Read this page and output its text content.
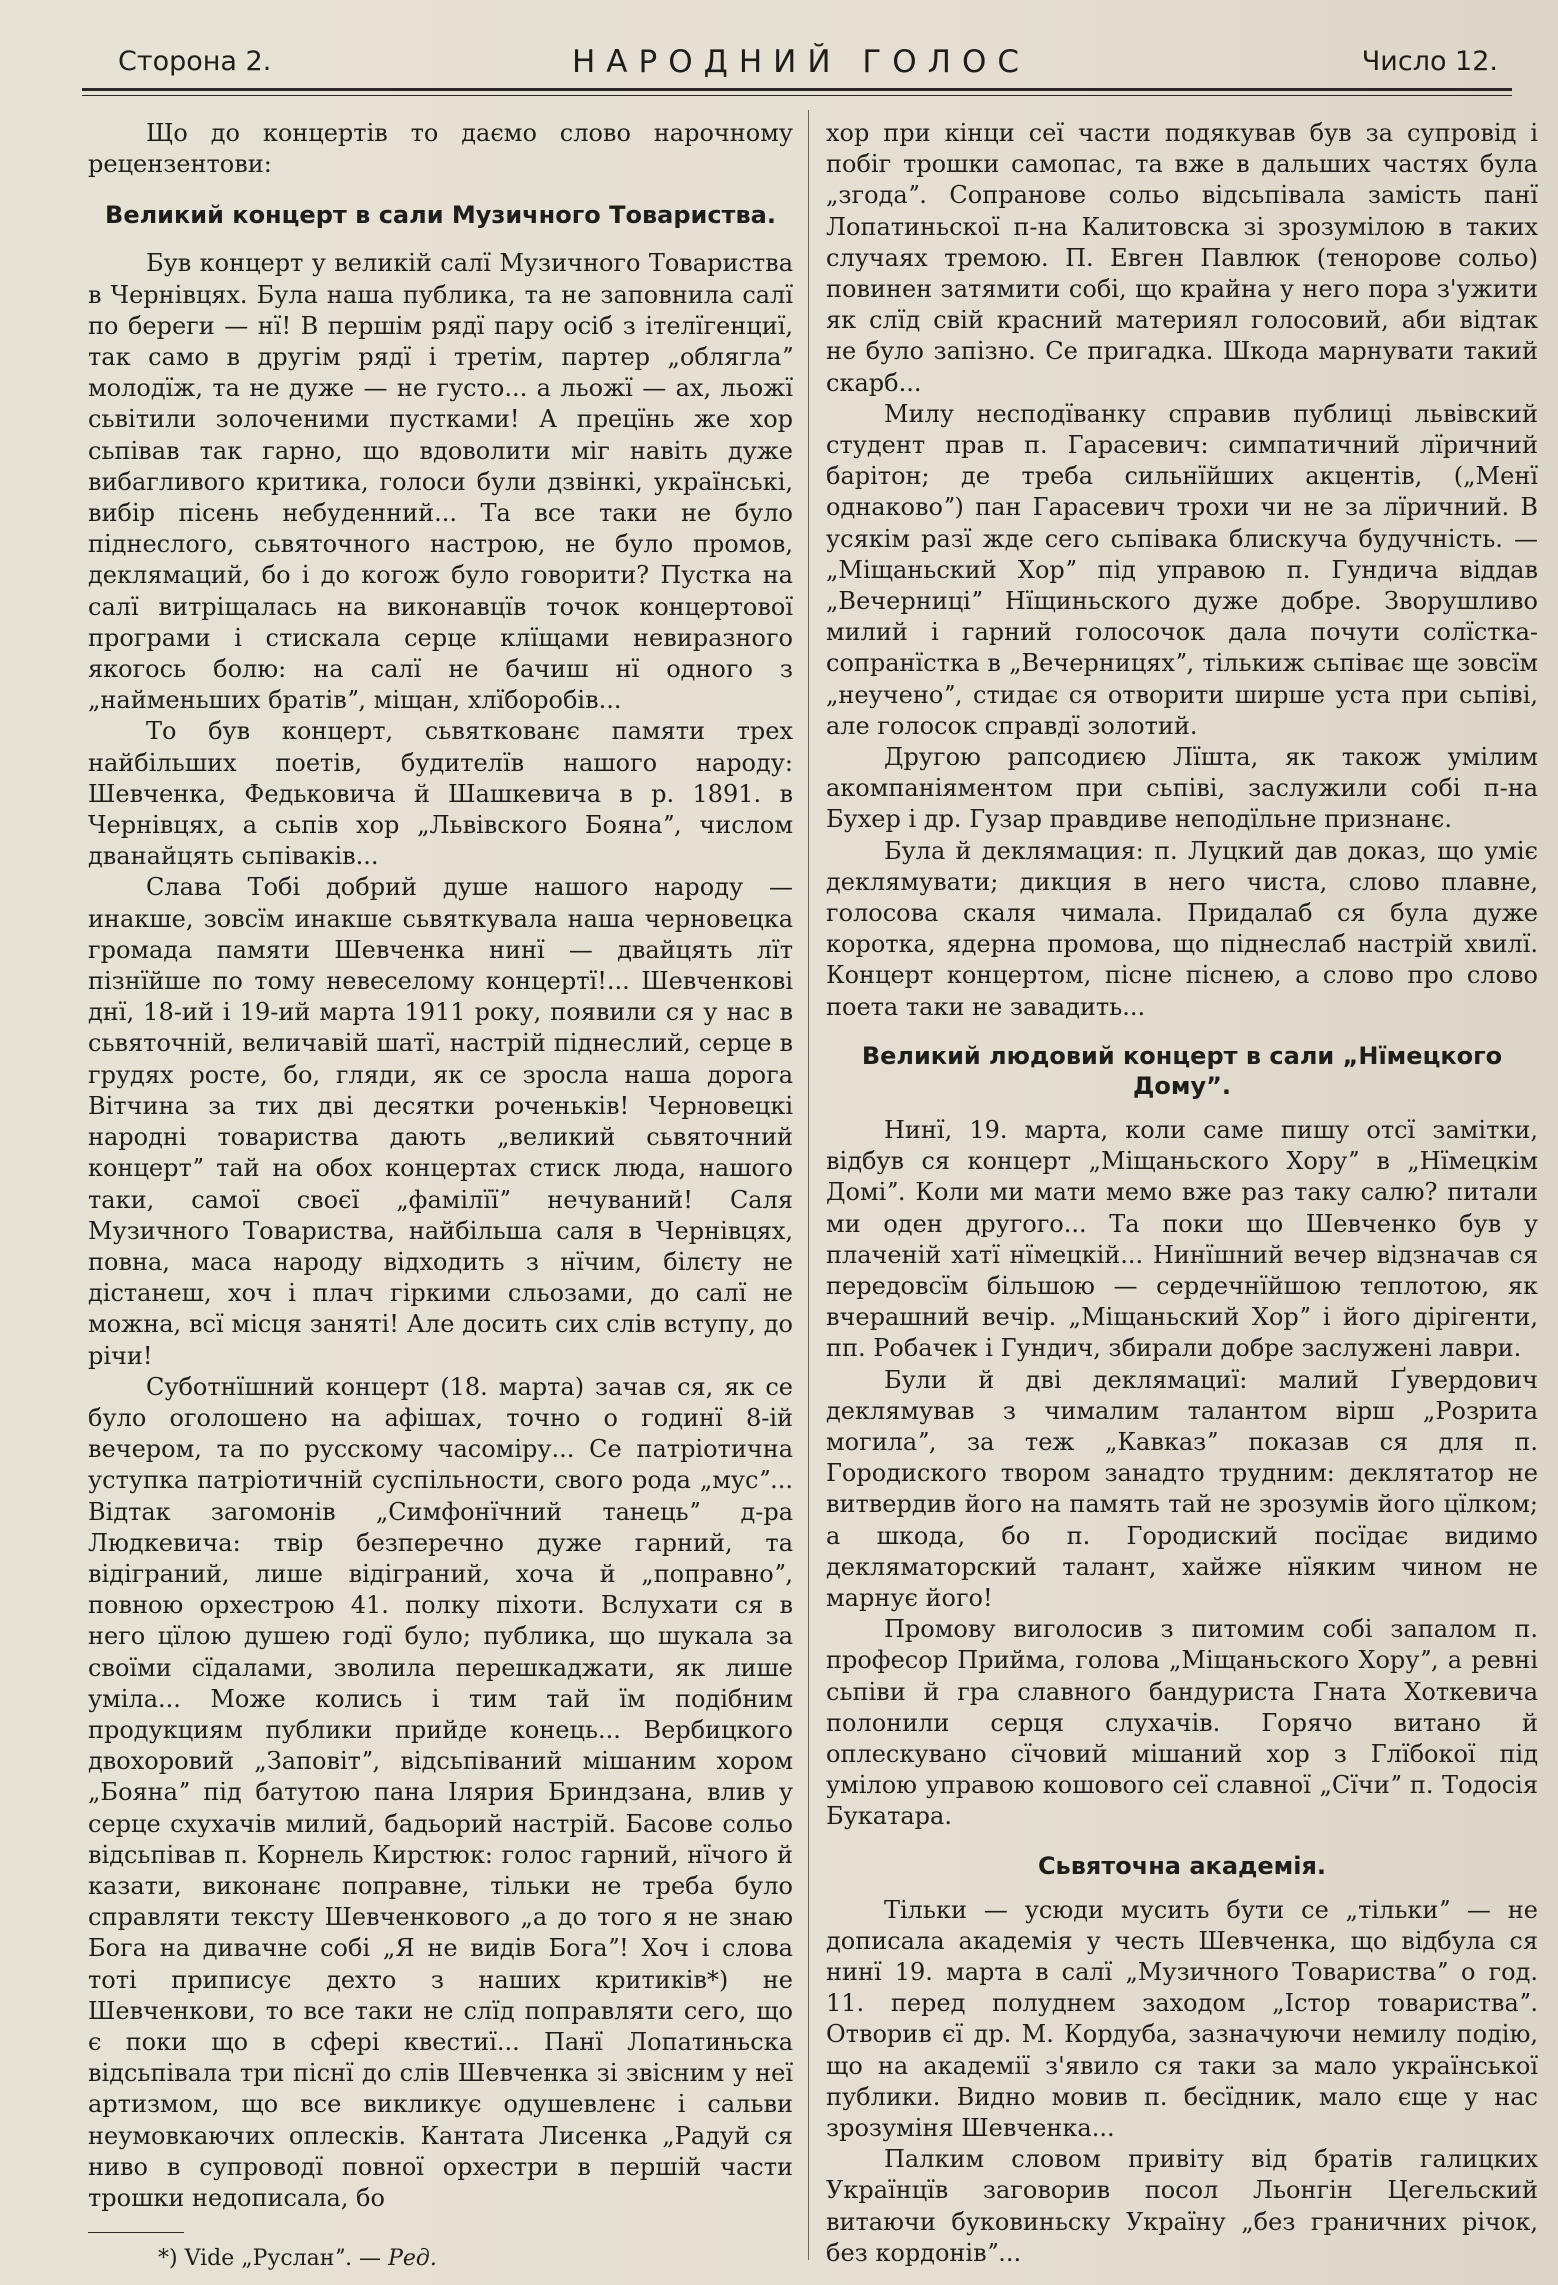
Сторона 2.	НАРОДНИЙ ГОЛОС	Число 12.

Що до концертів то даємо слово нарочному рецензентови:

Великий концерт в сали Музичного Товариства.

Був концерт у великій салї Музичного Товариства в Чернівцях. Була наша публика, та не заповнила салї по береги — нї! В першім рядї пару осіб з ітелїгенциї, так само в другім рядї і третім, партер „обляглаˮ молодїж, та не дуже — не густо... а льожї — ах, льожї сьвітили золоченими пустками! А прецїнь же хор сьпівав так гарно, що вдоволити міг навіть дуже вибагливого критика, голоси були дзвінкі, українські, вибір пісень небуденний... Та все таки не було піднеслого, сьвяточного настрою, не було промов, деклямаций, бо і до когож було говорити? Пустка на салї витріщалась на виконавцїв точок концертової програми і стискала серце клїщами невиразного якогось болю: на салї не бачиш нї одного з „найменьших братівˮ, міщан, хлїборобів...

То був концерт, сьвяткованє памяти трех найбільших поетів, будителїв нашого народу: Шевченка, Федьковича й Шашкевича в р. 1891. в Чернівцях, а сьпів хор „Львівского Боянаˮ, числом дванайцять сьпіваків...

Слава Тобі добрий душе нашого народу — инакше, зовсїм инакше сьвяткувала наша черновецка громада памяти Шевченка нинї — двайцять лїт пізнїйше по тому невеселому концертї!... Шевченкові днї, 18-ий і 19-ий марта 1911 року, появили ся у нас в сьвяточній, величавій шатї, настрій піднеслий, серце в грудях росте, бо, гляди, як се зросла наша дорога Вітчина за тих дві десятки роченьків! Черновецкі народні товариства дають „великий сьвяточний концертˮ тай на обох концертах стиск люда, нашого таки, самої своєї „фамілїїˮ нечуваний! Саля Музичного Товариства, найбільша саля в Чернівцях, повна, маса народу відходить з нїчим, білєту не дістанеш, хоч і плач гіркими сльозами, до салї не можна, всї місця заняті! Але досить сих слів вступу, до річи!

Суботнїшний концерт (18. марта) зачав ся, як се було оголошено на афішах, точно о годинї 8-ій вечером, та по русскому часоміру... Се патріотична уступка патріотичній суспільности, свого рода „мусˮ... Відтак загомонів „Симфонїчний танецьˮ д-ра Людкевича: твір безперечно дуже гарний, та відіграний, лише відіграний, хоча й „поправноˮ, повною орхестрою 41. полку піхоти. Вслухати ся в него цїлою душею годї було; публика, що шукала за своїми сїдалами, зволила перешкаджати, як лише уміла... Може колись і тим тай їм подібним продукциям публики прийде конець... Вербицкого двохоровий „Заповітˮ, відсьпіваний мішаним хором „Боянаˮ під батутою пана Ілярия Бриндзана, влив у серце схухачів милий, бадьорий настрій. Басове сольо відсьпівав п. Корнель Кирстюк: голос гарний, нїчого й казати, виконанє поправне, тільки не треба було справляти тексту Шевченкового „а до того я не знаю Бога на дивачне собі „Я не видів Богаˮ! Хоч і слова тоті приписує дехто з наших критиків*) не Шевченкови, то все таки не слїд поправляти сего, що є поки що в сфері квестиї... Панї Лопатиньска відсьпівала три піснї до слів Шевченка зі звісним у неї артизмом, що все викликує одушевленє і сальви неумовкаючих оплесків. Кантата Лисенка „Радуй ся ниво в супроводї повної орхестри в першій части трошки недописала, бо

*) Vide „Русланˮ. — Ред.

хор при кінци сеї части подякував був за супровід і побіг трошки самопас, та вже в дальших частях була „згодаˮ. Сопранове сольо відсьпівала замість панї Лопатиньскої п-на Калитовска зі зрозумілою в таких случаях тремою. П. Евген Павлюк (тенорове сольо) повинен затямити собі, що крайна у него пора з'ужити як слїд свій красний материял голосовий, аби відтак не було запізно. Се пригадка. Шкода марнувати такий скарб...

Милу несподїванку справив публиці львівский студент прав п. Гарасевич: симпатичний лїричний барітон; де треба сильнїйших акцентів, („Менї однаковоˮ) пан Гарасевич трохи чи не за лїричний. В усякім разї жде сего сьпівака блискуча будучність. — „Міщаньский Хорˮ під управою п. Гундича віддав „Вечерниціˮ Нїщиньского дуже добре. Зворушливо милий і гарний голосочок дала почути солїстка-сопранїстка в „Вечерницяхˮ, тількиж сьпіває ще зовсїм „неученоˮ, стидає ся отворити ширше уста при сьпіві, але голосок справдї золотий.

Другою рапсодиєю Лїшта, як також умілим акомпаніяментом при сьпіві, заслужили собі п-на Бухер і др. Гузар правдиве неподїльне признанє.

Була й деклямация: п. Луцкий дав доказ, що уміє деклямувати; дикция в него чиста, слово плавне, голосова скаля чимала. Придалаб ся була дуже коротка, ядерна промова, що піднеслаб настрій хвилї. Концерт концертом, піснe піснею, а слово про слово поета таки не завадить...

Великий людовий концерт в сали „Нїмецкого Домуˮ.

Нинї, 19. марта, коли саме пишу отсї замітки, відбув ся концерт „Міщаньского Хоруˮ в „Нїмецкім Доміˮ. Коли ми мати мемо вже раз таку салю? питали ми оден другого... Та поки що Шевченко був у плаченій хатї нїмецкій... Нинїшний вечер відзначав ся передовсїм більшою — сердечнїйшою теплотою, як вчерашний вечір. „Міщаньский Хорˮ і його дірігенти, пп. Робачек і Гундич, збирали добре заслужені лаври.

Були й дві деклямациї: малий Ґувердович деклямував з чималим талантом вірш „Розрита могилаˮ, за теж „Кавказˮ показав ся для п. Городиского твором занадто трудним: деклятатор не витвердив його на память тай не зрозумів його цїлком; а шкода, бо п. Городиский посїдає видимо декляматорский талант, хайже нїяким чином не марнує його!

Промову виголосив з питомим собі запалом п. професор Прийма, голова „Міщаньского Хоруˮ, а ревні сьпіви й гра славного бандуриста Гната Хоткевича полонили серця слухачів. Горячо витано й оплескувано сїчовий мішаний хор з Глїбокої під умілою управою кошового сеї славної „Сїчиˮ п. Тодосія Букатара.

Сьвяточна академія.

Тільки — усюди мусить бути се „тількиˮ — не дописала академія у честь Шевченка, що відбула ся нинї 19. марта в салї „Музичного Товаристваˮ о год. 11. перед полуднем заходом „Істор товаристваˮ. Отворив єї др. М. Кордуба, зазначуючи немилу подію, що на академії з'явило ся таки за мало української публики. Видно мовив п. бесїдник, мало єще у нас зрозуміня Шевченка...

Палким словом привіту від братів галицких Українцїв заговорив посол Льонгін Цегельский витаючи буковиньску Україну „без граничних річок, без кордонівˮ...
